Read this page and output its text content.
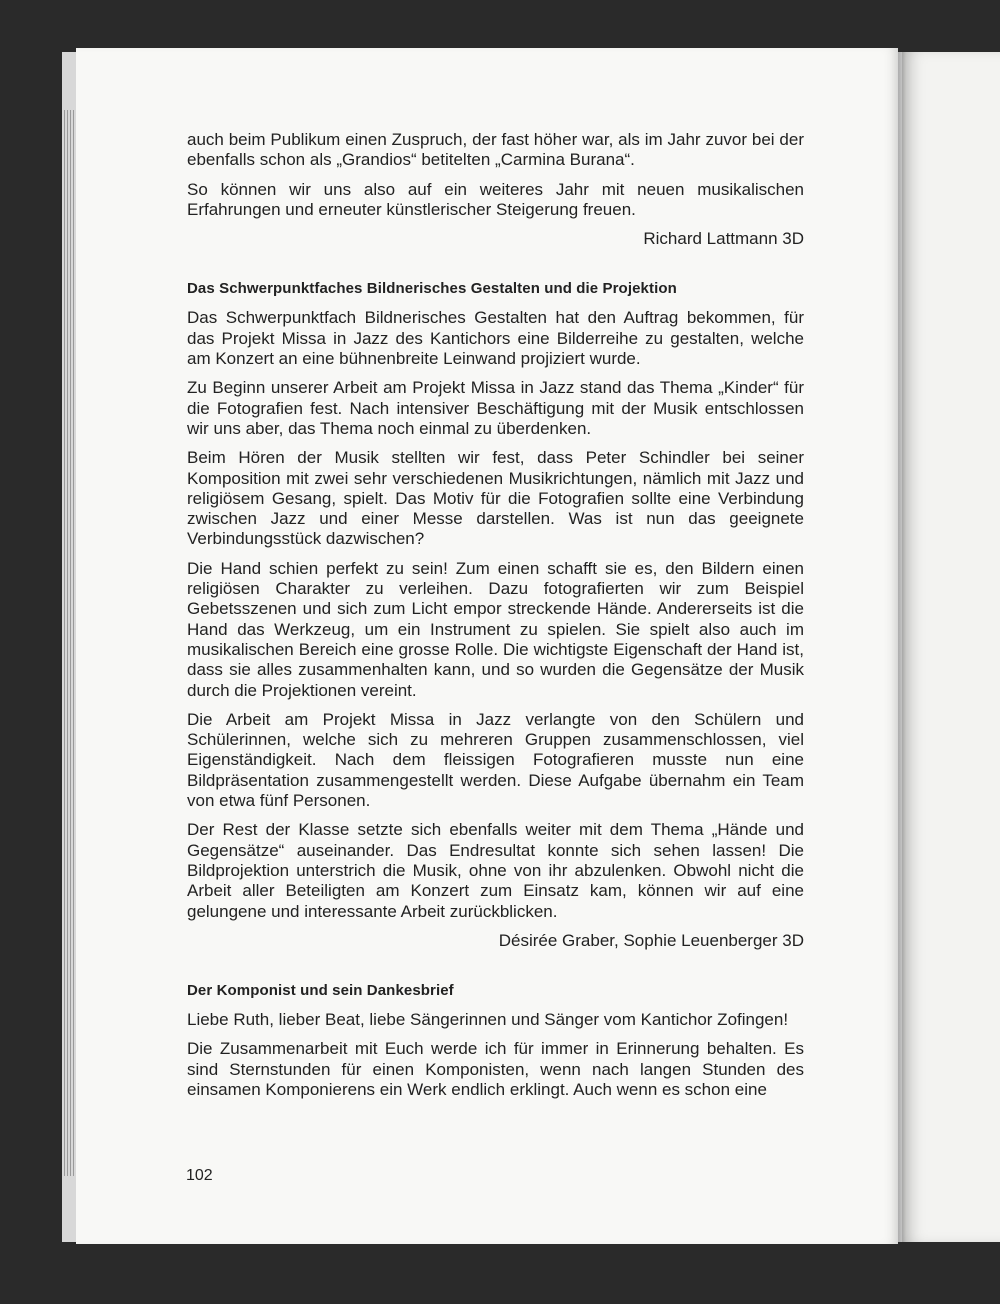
auch beim Publikum einen Zuspruch, der fast höher war, als im Jahr zuvor bei der ebenfalls schon als „Grandios“ betitelten „Carmina Burana“.

So können wir uns also auf ein weiteres Jahr mit neuen musikalischen Erfahrungen und erneuter künstlerischer Steigerung freuen.

Richard Lattmann 3D

Das Schwerpunktfaches Bildnerisches Gestalten und die Projektion

Das Schwerpunktfach Bildnerisches Gestalten hat den Auftrag bekommen, für das Projekt Missa in Jazz des Kantichors eine Bilderreihe zu gestalten, welche am Konzert an eine bühnenbreite Leinwand projiziert wurde.

Zu Beginn unserer Arbeit am Projekt Missa in Jazz stand das Thema „Kinder“ für die Fotografien fest. Nach intensiver Beschäftigung mit der Musik entschlossen wir uns aber, das Thema noch einmal zu überdenken.

Beim Hören der Musik stellten wir fest, dass Peter Schindler bei seiner Komposition mit zwei sehr verschiedenen Musikrichtungen, nämlich mit Jazz und religiösem Gesang, spielt. Das Motiv für die Fotografien sollte eine Verbindung zwischen Jazz und einer Messe darstellen. Was ist nun das geeignete Verbindungsstück dazwischen?

Die Hand schien perfekt zu sein! Zum einen schafft sie es, den Bildern einen religiösen Charakter zu verleihen. Dazu fotografierten wir zum Beispiel Gebetsszenen und sich zum Licht empor streckende Hände. Andererseits ist die Hand das Werkzeug, um ein Instrument zu spielen. Sie spielt also auch im musikalischen Bereich eine grosse Rolle. Die wichtigste Eigenschaft der Hand ist, dass sie alles zusammenhalten kann, und so wurden die Gegensätze der Musik durch die Projektionen vereint.

Die Arbeit am Projekt Missa in Jazz verlangte von den Schülern und Schülerinnen, welche sich zu mehreren Gruppen zusammenschlossen, viel Eigenständigkeit. Nach dem fleissigen Fotografieren musste nun eine Bildpräsentation zusammengestellt werden. Diese Aufgabe übernahm ein Team von etwa fünf Personen.

Der Rest der Klasse setzte sich ebenfalls weiter mit dem Thema „Hände und Gegensätze“ auseinander. Das Endresultat konnte sich sehen lassen! Die Bildprojektion unterstrich die Musik, ohne von ihr abzulenken. Obwohl nicht die Arbeit aller Beteiligten am Konzert zum Einsatz kam, können wir auf eine gelungene und interessante Arbeit zurückblicken.

Désirée Graber, Sophie Leuenberger 3D

Der Komponist und sein Dankesbrief

Liebe Ruth, lieber Beat, liebe Sängerinnen und Sänger vom Kantichor Zofingen!

Die Zusammenarbeit mit Euch werde ich für immer in Erinnerung behalten. Es sind Sternstunden für einen Komponisten, wenn nach langen Stunden des einsamen Komponierens ein Werk endlich erklingt. Auch wenn es schon eine

102
